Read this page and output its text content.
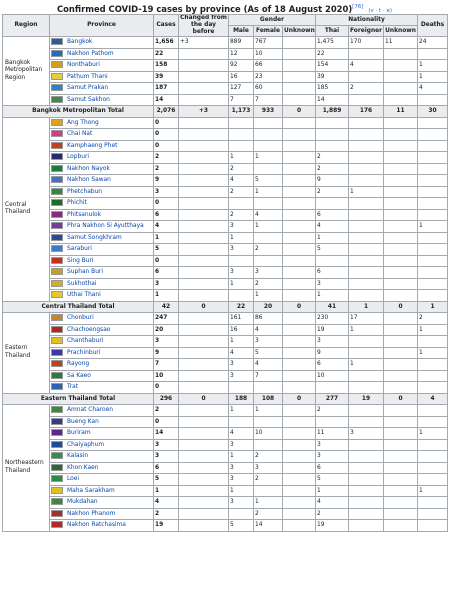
Confirmed COVID-19 cases by province (As of 18 August 2020)[76] (v · t · e)
Region	Province	Cases	Changed from the day before	Gender			Nationality			Deaths
				Male	Female	Unknown	Thai	Foreigner	Unknown	
Bangkok Metropolitan Region	Bangkok	1,656	+3	889	767		1,475	170	11	24
	Nakhon Pathom	22		12	10		22			
	Nonthaburi	158		92	66		154	4		1
	Pathum Thani	39		16	23		39			1
	Samut Prakan	187		127	60		185	2		4
	Samut Sakhon	14		7	7		14			
Bangkok Metropolitan Total		2,076	+3	1,173	933	0	1,889	176	11	30
Central Thailand	Ang Thong	0								
	Chai Nat	0								
	Kamphaeng Phet	0								
	Lopburi	2		1	1		2			
	Nakhon Nayok	2		2			2			
	Nakhon Sawan	9		4	5		9			
	Phetchabun	3		2	1		2	1		
	Phichit	0								
	Phitsanulok	6		2	4		6			
	Phra Nakhon Si Ayutthaya	4		3	1		4			1
	Samut Songkhram	1		1			1			
	Saraburi	5		3	2		5			
	Sing Buri	0								
	Suphan Buri	6		3	3		6			
	Sukhothai	3		1	2		3			
	Uthai Thani	1			1		1			
Central Thailand Total		42	0	22	20	0	41	1	0	1
Eastern Thailand	Chonburi	247		161	86		230	17		2
	Chachoengsao	20		16	4		19	1		1
	Chanthaburi	3		1	3		3			
	Prachinburi	9		4	5		9			1
	Rayong	7		3	4		6	1		
	Sa Kaeo	10		3	7		10			
	Trat	0								
Eastern Thailand Total		296	0	188	108	0	277	19	0	4
Northeastern Thailand	Amnat Charoen	2		1	1		2			
	Bueng Kan	0								
	Buriram	14		4	10		11	3		1
	Chaiyaphum	3		3			3			
	Kalasin	3		1	2		3			
	Khon Kaen	6		3	3		6			
	Loei	5		3	2		5			
	Maha Sarakham	1		1			1			1
	Mukdahan	4		3	1		4			
	Nakhon Phanom	2			2		2			
	Nakhon Ratchasima	19		5	14		19			
